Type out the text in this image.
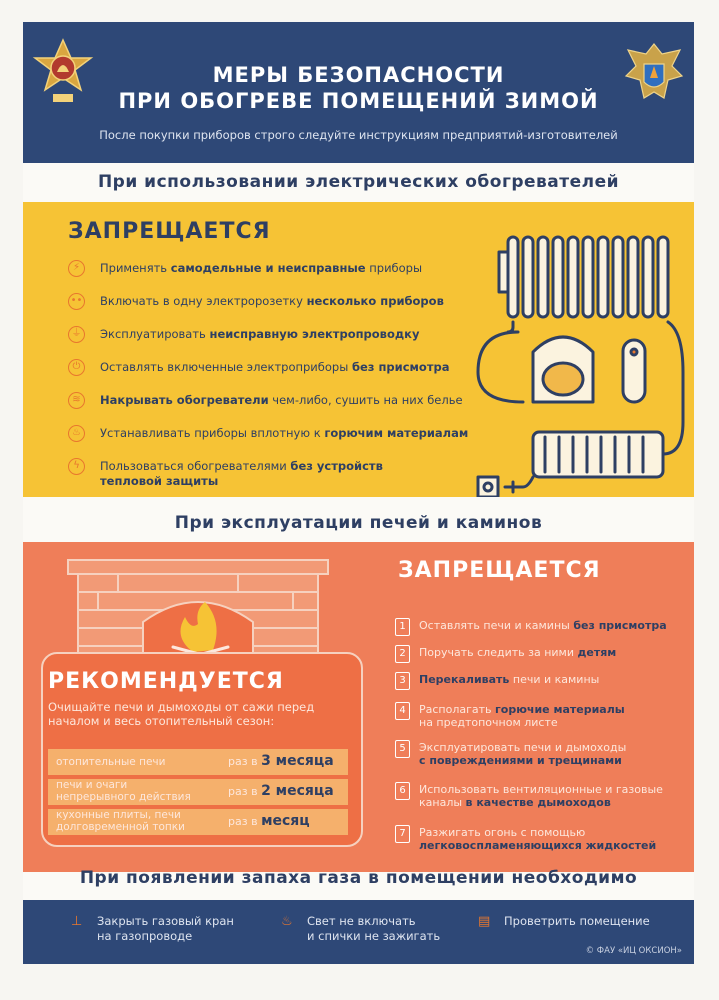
МЕРЫ БЕЗОПАСНОСТИ
ПРИ ОБОГРЕВЕ ПОМЕЩЕНИЙ ЗИМОЙ
После покупки приборов строго следуйте инструкциям предприятий-изготовителей
При использовании электрических обогревателей
ЗАПРЕЩАЕТСЯ
⚡	Применять самодельные и неисправные приборы
•• Включать в одну электророзетку несколько приборов
⏚	Эксплуатировать неисправную электропроводку
⏻	Оставлять включенные электроприборы без присмотра
≋	Накрывать обогреватели чем-либо, сушить на них белье
♨	Устанавливать приборы вплотную к горючим материалам
ϟ	Пользоваться обогревателями без устройств
тепловой защиты
При эксплуатации печей и каминов
РЕКОМЕНДУЕТСЯ
Очищайте печи и дымоходы от сажи перед началом и весь отопительный сезон:
отопительные печи	раз в 3 месяца
печи и очаги непрерывного действия	раз в 2 месяца
кухонные плиты, печи долговременной топки	раз в месяц
ЗАПРЕЩАЕТСЯ
1	Оставлять печи и камины без присмотра
2	Поручать следить за ними детям
3	Перекаливать печи и камины
4	Располагать горючие материалы
на предтопочном листе
5	Эксплуатировать печи и дымоходы
с повреждениями и трещинами
6	Использовать вентиляционные и газовые
каналы в качестве дымоходов
7	Разжигать огонь с помощью
легковоспламеняющихся жидкостей
При появлении запаха газа в помещении необходимо
⊥	Закрыть газовый кран
на газопроводе
♨	Свет не включать
и спички не зажигать
▤	Проветрить помещение
© ФАУ «ИЦ ОКСИОН»
